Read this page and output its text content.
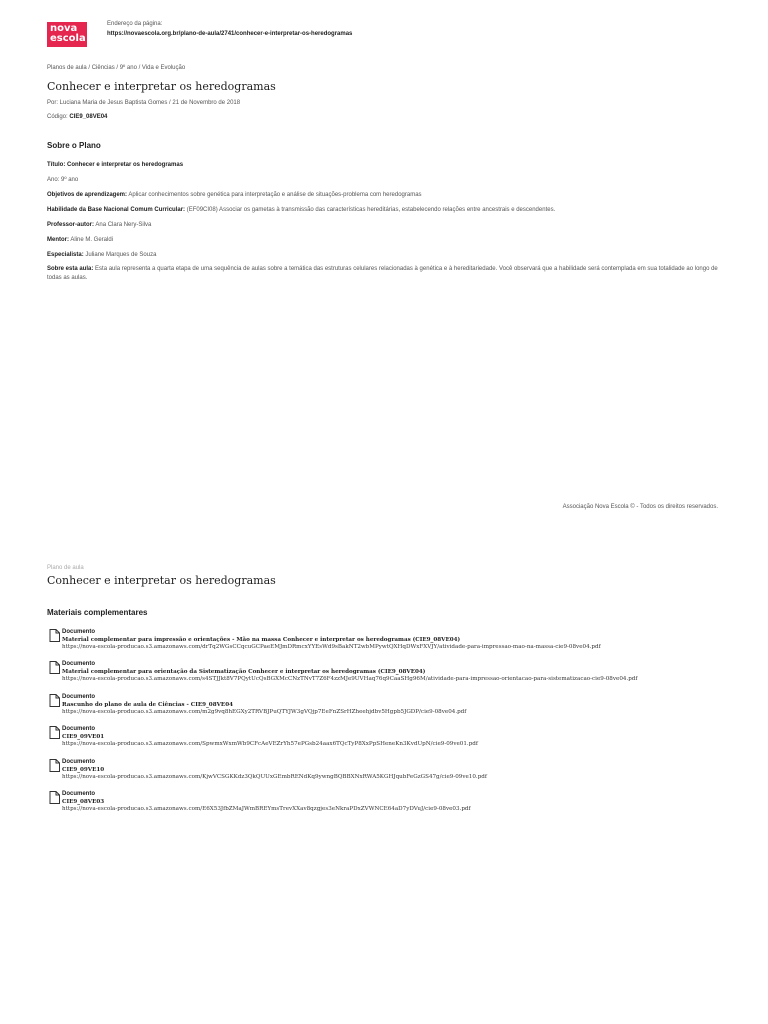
nova
escola
Endereço da página:
https://novaescola.org.br/plano-de-aula/2741/conhecer-e-interpretar-os-heredogramas
Planos de aula / Ciências / 9º ano / Vida e Evolução
Conhecer e interpretar os heredogramas
Por: Luciana Maria de Jesus Baptista Gomes / 21 de Novembro de 2018
Código: CIE9_08VE04
Sobre o Plano
Título: Conhecer e interpretar os heredogramas
Ano: 9º ano
Objetivos de aprendizagem: Aplicar conhecimentos sobre genética para interpretação e análise de situações-problema com heredogramas
Habilidade da Base Nacional Comum Curricular: (EF09CI08) Associar os gametas à transmissão das características hereditárias, estabelecendo relações entre ancestrais e descendentes.
Professor-autor: Ana Clara Nery-Silva
Mentor: Aline M. Geraldi
Especialista: Juliane Marques de Souza
Sobre esta aula: Esta aula representa a quarta etapa de uma sequência de aulas sobre a temática das estruturas celulares relacionadas à genética e à hereditariedade. Você observará que a habilidade será contemplada em sua totalidade ao longo de todas as aulas.
Associação Nova Escola © - Todos os direitos reservados.
Plano de aula
Conhecer e interpretar os heredogramas
Materiais complementares
Documento
Material complementar para impressão e orientações - Mão na massa Conhecer e interpretar os heredogramas (CIE9_08VE04)
https://nova-escola-producao.s3.amazonaws.com/drTq2WGsCCqcuGCPaeEMJmDRmcxYYEsWd9sBakNT2wbMPywtQXHqDWxFXVJY/atividade-para-impressao-mao-na-massa-cie9-08ve04.pdf
Documento
Material complementar para orientação da Sistematização Conhecer e interpretar os heredogramas (CIE9_08VE04)
https://nova-escola-producao.s3.amazonaws.com/s4STJJkt8V7PQytUcQsBGXMcCNzTNvT7Z6F4zzMJe9UVHaq76q9CaaSHg96M/atividade-para-impressao-orientacao-para-sistematizacao-cie9-08ve04.pdf
Documento
Rascunho do plano de aula de Ciências - CIE9_08VE04
https://nova-escola-producao.s3.amazonaws.com/m2g9vq8hEGXy2TRVBJPuQTYJW3gVQjp7EeFnZSrHZheehjdbv5Hgpb5JGDP/cie9-08ve04.pdf
Documento
CIE9_09VE01
https://nova-escola-producao.s3.amazonaws.com/SpwmxWxmWb9CFcAeVEZrYh57ePGsb24aax6TQcTyP8XxPpSHeneKn3KvdUpN/cie9-09ve01.pdf
Documento
CIE9_09VE10
https://nova-escola-producao.s3.amazonaws.com/KjwVCSGKKdz3QkQUUxGEmbRENdKq9ywngBQBBXNxRWA5KGHJqubFeGzGS47g/cie9-09ve10.pdf
Documento
CIE9_08VE03
https://nova-escola-producao.s3.amazonaws.com/E6X53JfbZMaJWmBREYmsTrevXXav8qzgjes3eNkraPDxZVWNCE64aD7yDVuJ/cie9-08ve03.pdf
